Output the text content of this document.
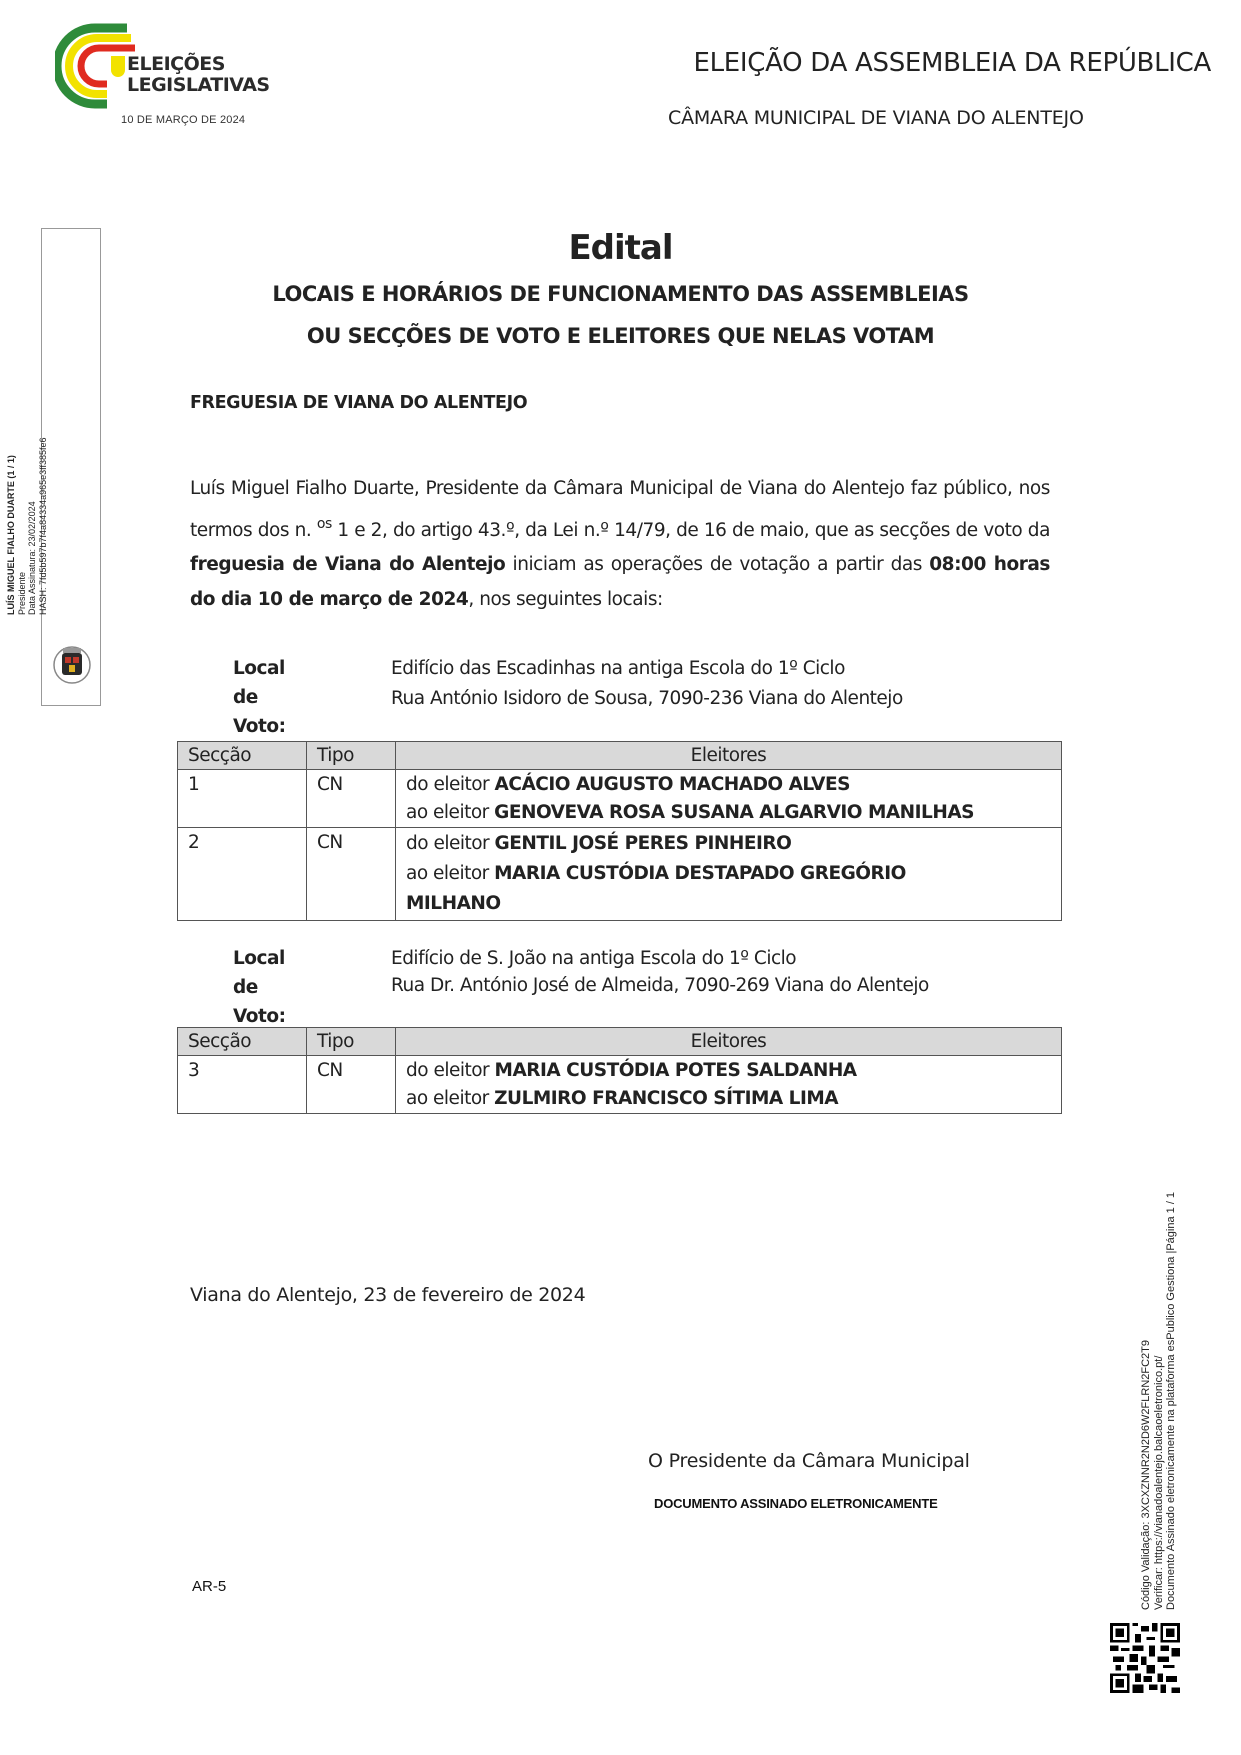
ELEIÇÕES
LEGISLATIVAS
10 DE MARÇO DE 2024
ELEIÇÃO DA ASSEMBLEIA DA REPÚBLICA
CÂMARA MUNICIPAL DE VIANA DO ALENTEJO
LUÍS MIGUEL FIALHO DUARTE (1 / 1) Presidente Data Assinatura: 23/02/2024 HASH: 7fd5b597b7f4a84334a965e3ff385fe6
Edital
LOCAIS E HORÁRIOS DE FUNCIONAMENTO DAS ASSEMBLEIAS
OU SECÇÕES DE VOTO E ELEITORES QUE NELAS VOTAM
FREGUESIA DE VIANA DO ALENTEJO
Luís Miguel Fialho Duarte, Presidente da Câmara Municipal de Viana do Alentejo faz público, nos termos dos n. $^{os}$ 1 e 2, do artigo 43.º, da Lei n.º 14/79, de 16 de maio, que as secções de voto da freguesia de Viana do Alentejo iniciam as operações de votação a partir das 08:00 horas do dia 10 de março de 2024, nos seguintes locais:
Local de Voto:
Edifício das Escadinhas na antiga Escola do 1º Ciclo
Rua António Isidoro de Sousa, 7090-236 Viana do Alentejo
Secção	Tipo	Eleitores
1	CN	do eleitor ACÁCIO AUGUSTO MACHADO ALVES
ao eleitor GENOVEVA ROSA SUSANA ALGARVIO MANILHAS

2	CN	do eleitor GENTIL JOSÉ PERES PINHEIRO
ao eleitor MARIA CUSTÓDIA DESTAPADO GREGÓRIO MILHANO
Local de Voto:
Edifício de S. João na antiga Escola do 1º Ciclo
Rua Dr. António José de Almeida, 7090-269 Viana do Alentejo
Secção	Tipo	Eleitores
3	CN	do eleitor MARIA CUSTÓDIA POTES SALDANHA
ao eleitor ZULMIRO FRANCISCO SÍTIMA LIMA
Viana do Alentejo, 23 de fevereiro de 2024
O Presidente da Câmara Municipal
DOCUMENTO ASSINADO ELETRONICAMENTE
AR-5	Código Validação: 3XCXZNNR2N2D6W2FLRN2FC2T9 Verificar: https://vianadoalentejo.balcaoeletronico.pt/ Documento Assinado eletronicamente na plataforma esPublico Gestiona |Página 1 / 1
